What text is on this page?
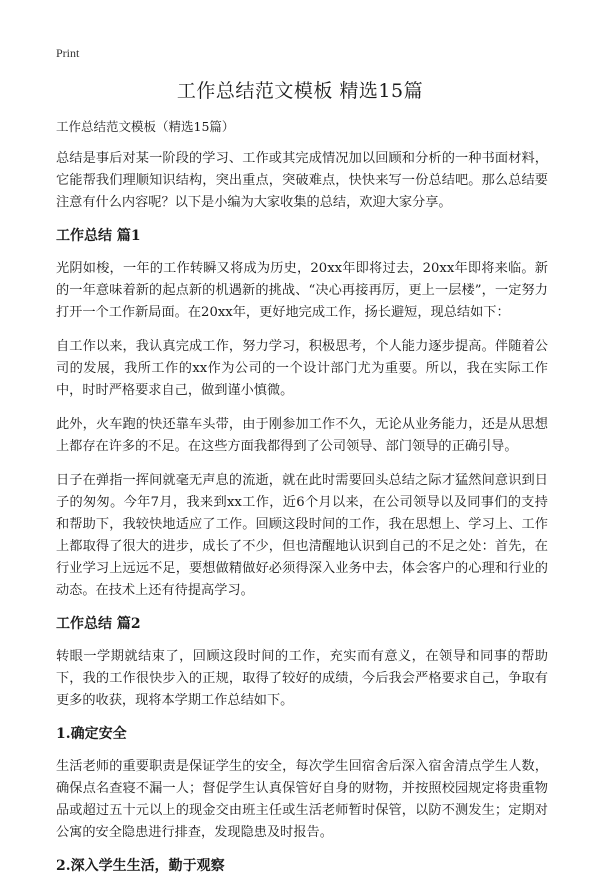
Print
工作总结范文模板 精选15篇
工作总结范文模板（精选15篇）

总结是事后对某一阶段的学习、工作或其完成情况加以回顾和分析的一种书面材料，它能帮我们理顺知识结构，突出重点，突破难点，快快来写一份总结吧。那么总结要注意有什么内容呢？以下是小编为大家收集的总结，欢迎大家分享。

工作总结 篇1

光阴如梭，一年的工作转瞬又将成为历史，20xx年即将过去，20xx年即将来临。新的一年意味着新的起点新的机遇新的挑战、“决心再接再厉，更上一层楼”，一定努力打开一个工作新局面。在20xx年，更好地完成工作，扬长避短，现总结如下：

自工作以来，我认真完成工作，努力学习，积极思考，个人能力逐步提高。伴随着公司的发展，我所工作的xx作为公司的一个设计部门尤为重要。所以，我在实际工作中，时时严格要求自己，做到谨小慎微。

此外，火车跑的快还靠车头带，由于刚参加工作不久，无论从业务能力，还是从思想上都存在许多的不足。在这些方面我都得到了公司领导、部门领导的正确引导。

日子在弹指一挥间就毫无声息的流逝，就在此时需要回头总结之际才猛然间意识到日子的匆匆。今年7月，我来到xx工作，近6个月以来，在公司领导以及同事们的支持和帮助下，我较快地适应了工作。回顾这段时间的工作，我在思想上、学习上、工作上都取得了很大的进步，成长了不少，但也清醒地认识到自己的不足之处：首先，在行业学习上远远不足，要想做精做好必须得深入业务中去，体会客户的心理和行业的动态。在技术上还有待提高学习。

工作总结 篇2

转眼一学期就结束了，回顾这段时间的工作，充实而有意义，在领导和同事的帮助下，我的工作很快步入的正规，取得了较好的成绩，今后我会严格要求自己，争取有更多的收获，现将本学期工作总结如下。

1.确定安全

生活老师的重要职责是保证学生的安全，每次学生回宿舍后深入宿舍清点学生人数，确保点名查寝不漏一人；督促学生认真保管好自身的财物，并按照校园规定将贵重物品或超过五十元以上的现金交由班主任或生活老师暂时保管，以防不测发生；定期对公寓的安全隐患进行排查，发现隐患及时报告。

2.深入学生生活，勤于观察
